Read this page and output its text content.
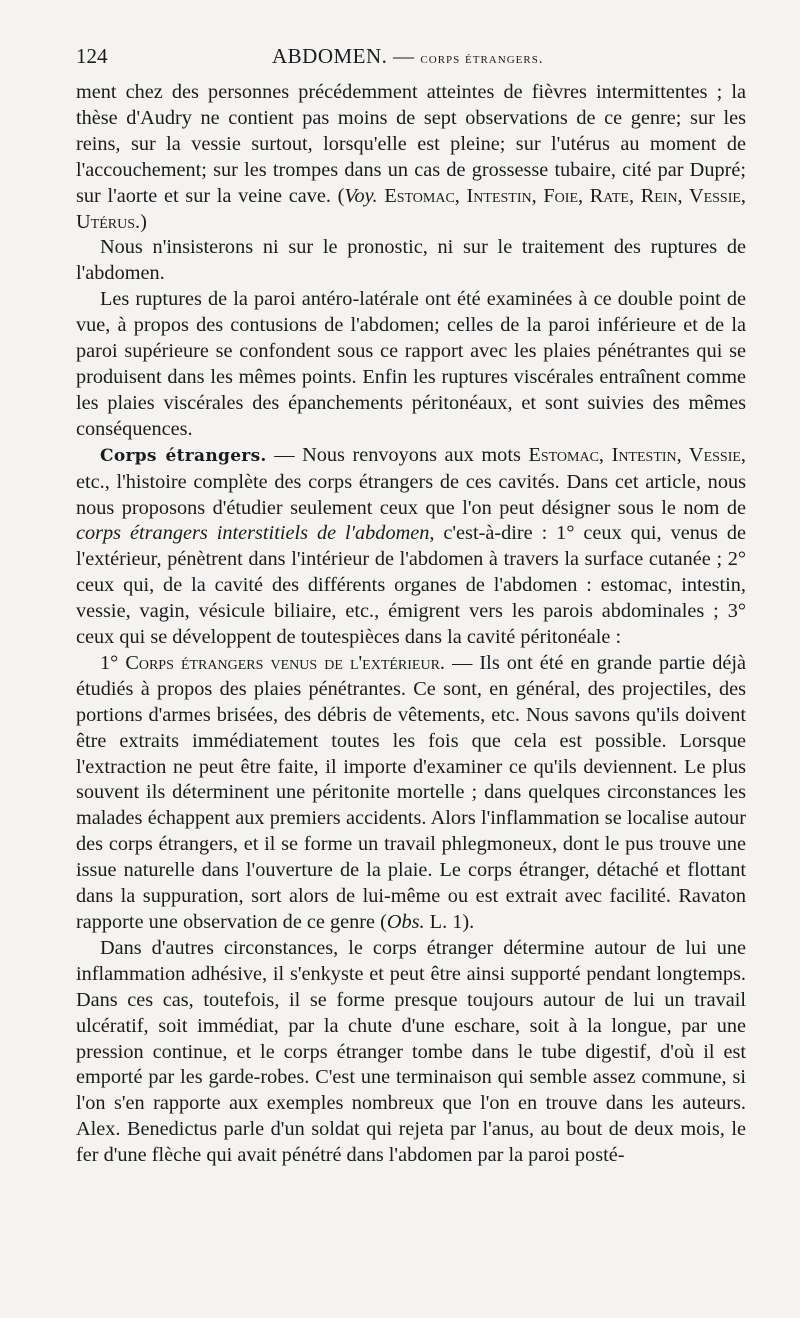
124	ABDOMEN. — corps étrangers.

ment chez des personnes précédemment atteintes de fièvres intermittentes ; la thèse d'Audry ne contient pas moins de sept observations de ce genre; sur les reins, sur la vessie surtout, lorsqu'elle est pleine; sur l'utérus au moment de l'accouchement; sur les trompes dans un cas de grossesse tubaire, cité par Dupré; sur l'aorte et sur la veine cave. (Voy. Estomac, Intestin, Foie, Rate, Rein, Vessie, Utérus.)

Nous n'insisterons ni sur le pronostic, ni sur le traitement des ruptures de l'abdomen.

Les ruptures de la paroi antéro-latérale ont été examinées à ce double point de vue, à propos des contusions de l'abdomen; celles de la paroi inférieure et de la paroi supérieure se confondent sous ce rapport avec les plaies pénétrantes qui se produisent dans les mêmes points. Enfin les ruptures viscérales entraînent comme les plaies viscérales des épanchements péritonéaux, et sont suivies des mêmes conséquences.

Corps étrangers. — Nous renvoyons aux mots Estomac, Intestin, Vessie, etc., l'histoire complète des corps étrangers de ces cavités. Dans cet article, nous nous proposons d'étudier seulement ceux que l'on peut désigner sous le nom de corps étrangers interstitiels de l'abdomen, c'est-à-dire : 1° ceux qui, venus de l'extérieur, pénètrent dans l'intérieur de l'abdomen à travers la surface cutanée ; 2° ceux qui, de la cavité des différents organes de l'abdomen : estomac, intestin, vessie, vagin, vésicule biliaire, etc., émigrent vers les parois abdominales ; 3° ceux qui se développent de toutespièces dans la cavité péritonéale :

1° Corps étrangers venus de l'extérieur. — Ils ont été en grande partie déjà étudiés à propos des plaies pénétrantes. Ce sont, en général, des projectiles, des portions d'armes brisées, des débris de vêtements, etc. Nous savons qu'ils doivent être extraits immédiatement toutes les fois que cela est possible. Lorsque l'extraction ne peut être faite, il importe d'examiner ce qu'ils deviennent. Le plus souvent ils déterminent une péritonite mortelle ; dans quelques circonstances les malades échappent aux premiers accidents. Alors l'inflammation se localise autour des corps étrangers, et il se forme un travail phlegmoneux, dont le pus trouve une issue naturelle dans l'ouverture de la plaie. Le corps étranger, détaché et flottant dans la suppuration, sort alors de lui-même ou est extrait avec facilité. Ravaton rapporte une observation de ce genre (Obs. L. 1).

Dans d'autres circonstances, le corps étranger détermine autour de lui une inflammation adhésive, il s'enkyste et peut être ainsi supporté pendant longtemps. Dans ces cas, toutefois, il se forme presque toujours autour de lui un travail ulcératif, soit immédiat, par la chute d'une eschare, soit à la longue, par une pression continue, et le corps étranger tombe dans le tube digestif, d'où il est emporté par les garde-robes. C'est une terminaison qui semble assez commune, si l'on s'en rapporte aux exemples nombreux que l'on en trouve dans les auteurs. Alex. Benedictus parle d'un soldat qui rejeta par l'anus, au bout de deux mois, le fer d'une flèche qui avait pénétré dans l'abdomen par la paroi posté-
